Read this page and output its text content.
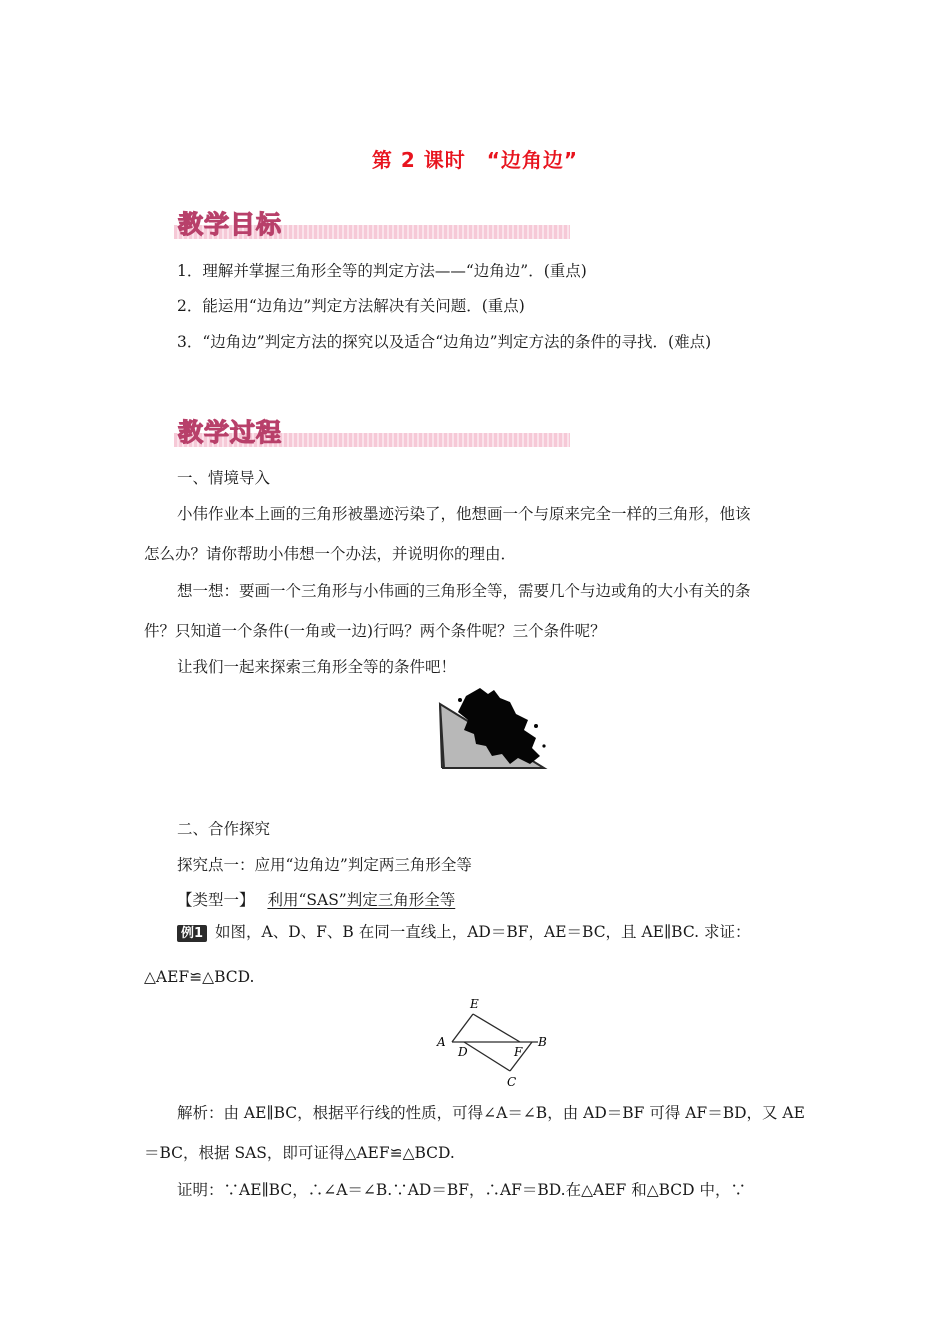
第 2 课时　“边角边”
教学目标
1．理解并掌握三角形全等的判定方法——“边角边”．(重点)
2．能运用“边角边”判定方法解决有关问题．(重点)
3．“边角边”判定方法的探究以及适合“边角边”判定方法的条件的寻找．(难点)
教学过程
一、情境导入
小伟作业本上画的三角形被墨迹污染了，他想画一个与原来完全一样的三角形，他该
怎么办？请你帮助小伟想一个办法，并说明你的理由．
想一想：要画一个三角形与小伟画的三角形全等，需要几个与边或角的大小有关的条
件？只知道一个条件(一角或一边)行吗？两个条件呢？三个条件呢？
让我们一起来探索三角形全等的条件吧！
二、合作探究
探究点一：应用“边角边”判定两三角形全等
【类型一】 利用“SAS”判定三角形全等
例1 如图，A、D、F、B 在同一直线上，AD＝BF，AE＝BC，且 AE∥BC. 求证：
△AEF≌△BCD.
E
A
D	F
B
C
解析：由 AE∥BC，根据平行线的性质，可得∠A＝∠B，由 AD＝BF 可得 AF＝BD，又 AE
＝BC，根据 SAS，即可证得△AEF≌△BCD.
证明：∵AE∥BC，∴∠A＝∠B.∵AD＝BF，∴AF＝BD.在△AEF 和△BCD 中，∵
